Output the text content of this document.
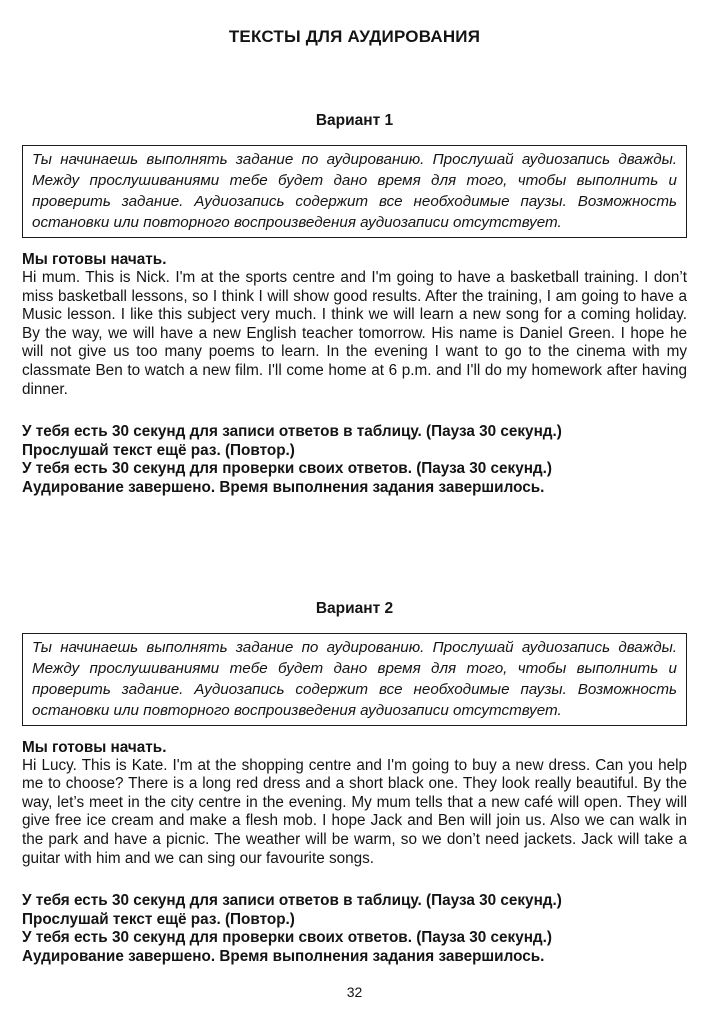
ТЕКСТЫ ДЛЯ АУДИРОВАНИЯ
Вариант 1

Ты начинаешь выполнять задание по аудированию. Прослушай аудиозапись дважды. Между прослушиваниями тебе будет дано время для того, чтобы выполнить и проверить задание. Аудиозапись содержит все необходимые паузы. Возможность остановки или повторного воспроизведения аудиозаписи отсутствует.

Мы готовы начать.

Hi mum. This is Nick. I'm at the sports centre and I'm going to have a basketball training. I don’t miss basketball lessons, so I think I will show good results. After the training, I am going to have a Music lesson. I like this subject very much. I think we will learn a new song for a coming holiday. By the way, we will have a new English teacher tomorrow. His name is Daniel Green. I hope he will not give us too many poems to learn. In the evening I want to go to the cinema with my classmate Ben to watch a new film. I'll come home at 6 p.m. and I'll do my homework after having dinner.

У тебя есть 30 секунд для записи ответов в таблицу. (Пауза 30 секунд.)

Прослушай текст ещё раз. (Повтор.)

У тебя есть 30 секунд для проверки своих ответов. (Пауза 30 секунд.)

Аудирование завершено. Время выполнения задания завершилось.

Вариант 2

Ты начинаешь выполнять задание по аудированию. Прослушай аудиозапись дважды. Между прослушиваниями тебе будет дано время для того, чтобы выполнить и проверить задание. Аудиозапись содержит все необходимые паузы. Возможность остановки или повторного воспроизведения аудиозаписи отсутствует.

Мы готовы начать.

Hi Lucy. This is Kate. I'm at the shopping centre and I'm going to buy a new dress. Can you help me to choose? There is a long red dress and a short black one. They look really beautiful. By the way, let’s meet in the city centre in the evening. My mum tells that a new café will open. They will give free ice cream and make a flesh mob. I hope Jack and Ben will join us. Also we can walk in the park and have a picnic. The weather will be warm, so we don’t need jackets. Jack will take a guitar with him and we can sing our favourite songs.

У тебя есть 30 секунд для записи ответов в таблицу. (Пауза 30 секунд.)

Прослушай текст ещё раз. (Повтор.)

У тебя есть 30 секунд для проверки своих ответов. (Пауза 30 секунд.)

Аудирование завершено. Время выполнения задания завершилось.

32
